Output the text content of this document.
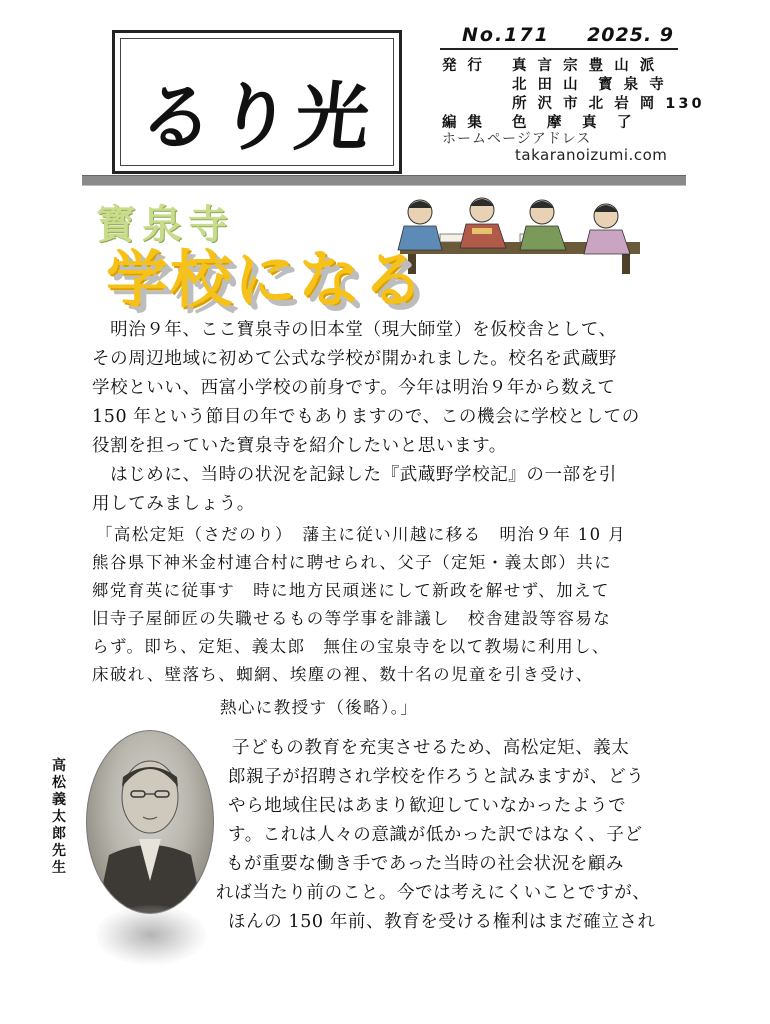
るり光
No.171 2025. 9
発 行 真 言 宗 豊 山 派
北 田 山　寳 泉 寺
所 沢 市 北 岩 岡 130
編 集 色　摩　真　了
ホームページアドレス
takaranoizumi.com
寳泉寺
学校になる
　明治９年、ここ寶泉寺の旧本堂（現大師堂）を仮校舎として、
その周辺地域に初めて公式な学校が開かれました。校名を武蔵野
学校といい、西富小学校の前身です。今年は明治９年から数えて
150 年という節目の年でもありますので、この機会に学校としての
役割を担っていた寶泉寺を紹介したいと思います。
　はじめに、当時の状況を記録した『武蔵野学校記』の一部を引
用してみましょう。
「高松定矩（さだのり）　藩主に従い川越に移る　明治９年 10 月
熊谷県下神米金村連合村に聘せられ、父子（定矩・義太郎）共に
郷党育英に従事す　時に地方民頑迷にして新政を解せず、加えて
旧寺子屋師匠の失職せるもの等学事を誹議し　校舎建設等容易な
らず。即ち、定矩、義太郎　無住の宝泉寺を以て教場に利用し、
床破れ、壁落ち、蜘網、埃塵の裡、数十名の児童を引き受け、
熱心に教授す（後略）。」
高松義太郎先生
子どもの教育を充実させるため、高松定矩、義太
郎親子が招聘され学校を作ろうと試みますが、どう
やら地域住民はあまり歓迎していなかったようで
す。これは人々の意識が低かった訳ではなく、子ど
もが重要な働き手であった当時の社会状況を顧み
れば当たり前のこと。今では考えにくいことですが、
ほんの 150 年前、教育を受ける権利はまだ確立され
